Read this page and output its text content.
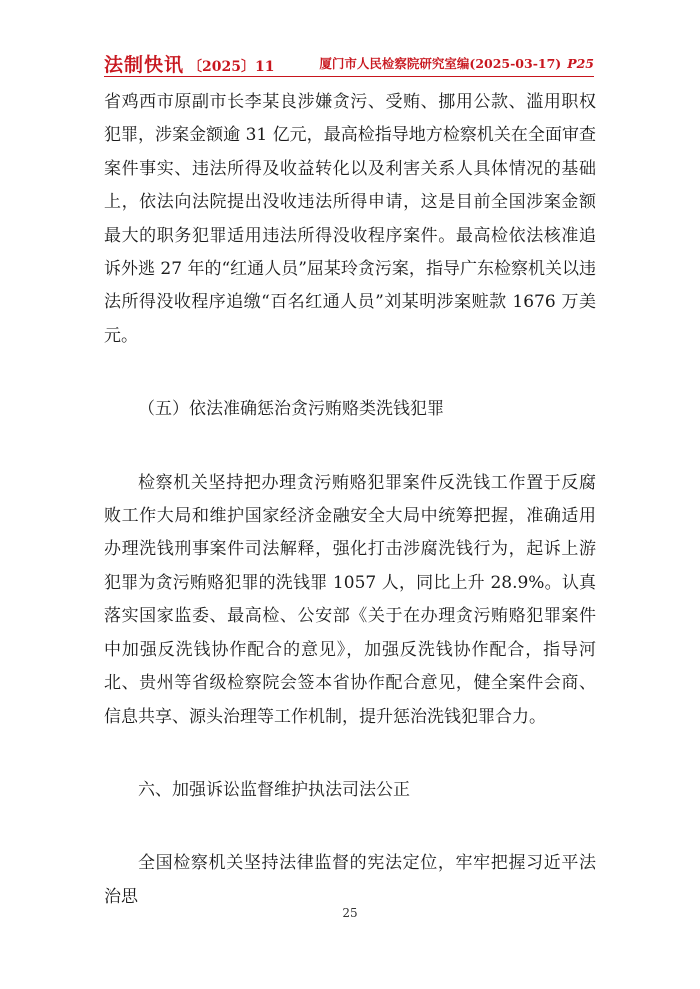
法制快讯 〔2025〕11	厦门市人民检察院研究室编(2025-03-17) P25

省鸡西市原副市长李某良涉嫌贪污、受贿、挪用公款、滥用职权犯罪，涉案金额逾 31 亿元，最高检指导地方检察机关在全面审查案件事实、违法所得及收益转化以及利害关系人具体情况的基础上，依法向法院提出没收违法所得申请，这是目前全国涉案金额最大的职务犯罪适用违法所得没收程序案件。最高检依法核准追诉外逃 27 年的“红通人员”屈某玲贪污案，指导广东检察机关以违法所得没收程序追缴“百名红通人员”刘某明涉案赃款 1676 万美元。

（五）依法准确惩治贪污贿赂类洗钱犯罪

检察机关坚持把办理贪污贿赂犯罪案件反洗钱工作置于反腐败工作大局和维护国家经济金融安全大局中统筹把握，准确适用办理洗钱刑事案件司法解释，强化打击涉腐洗钱行为，起诉上游犯罪为贪污贿赂犯罪的洗钱罪 1057 人，同比上升 28.9%。认真落实国家监委、最高检、公安部《关于在办理贪污贿赂犯罪案件中加强反洗钱协作配合的意见》，加强反洗钱协作配合，指导河北、贵州等省级检察院会签本省协作配合意见，健全案件会商、信息共享、源头治理等工作机制，提升惩治洗钱犯罪合力。

六、加强诉讼监督维护执法司法公正

全国检察机关坚持法律监督的宪法定位，牢牢把握习近平法治思

25
